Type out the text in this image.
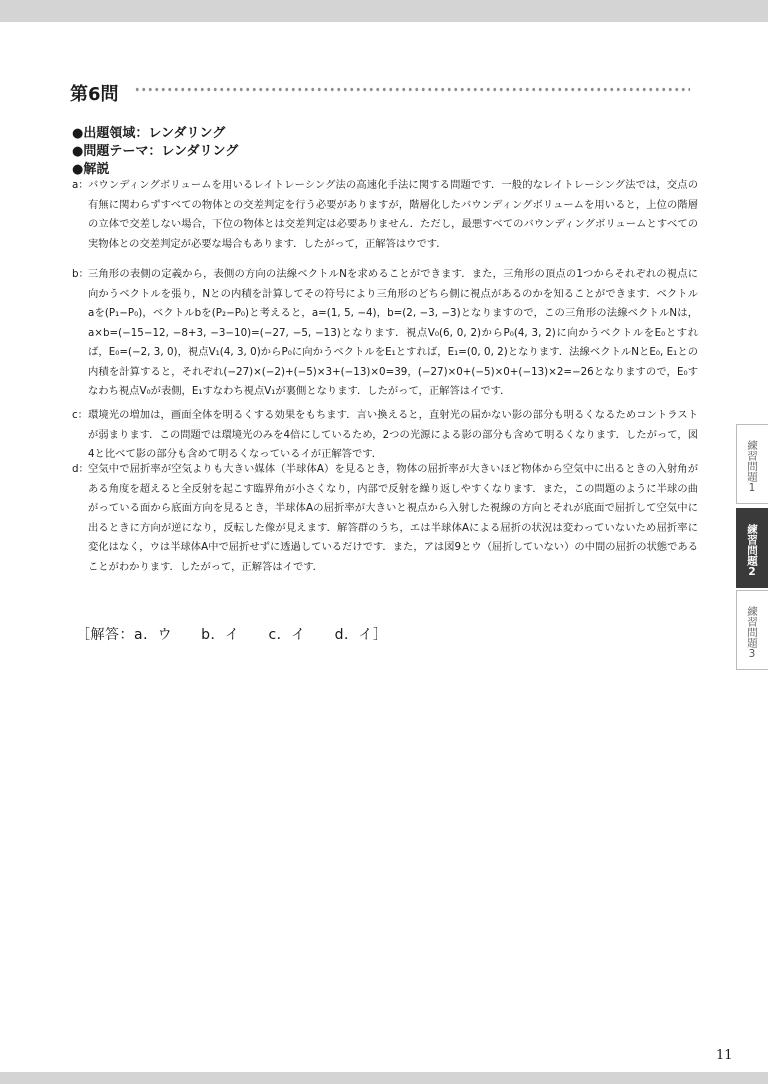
第6問
●出題領域：レンダリング
●問題テーマ：レンダリング
●解説
a： バウンディングボリュームを用いるレイトレーシング法の高速化手法に関する問題です．一般的なレイトレーシング法では，交点の有無に関わらずすべての物体との交差判定を行う必要がありますが，階層化したバウンディングボリュームを用いると，上位の階層の立体で交差しない場合，下位の物体とは交差判定は必要ありません．ただし，最悪すべてのバウンディングボリュームとすべての実物体との交差判定が必要な場合もあります．したがって，正解答はウです．
b： 三角形の表側の定義から，表側の方向の法線ベクトルNを求めることができます．また，三角形の頂点の1つからそれぞれの視点に向かうベクトルを張り，Nとの内積を計算してその符号により三角形のどちら側に視点があるのかを知ることができます．ベクトルaを(P₁−P₀)，ベクトルbを(P₂−P₀)と考えると，a=(1, 5, −4)，b=(2, −3, −3)となりますので，この三角形の法線ベクトルNは，a×b=(−15−12, −8+3, −3−10)=(−27, −5, −13)となります．視点V₀(6, 0, 2)からP₀(4, 3, 2)に向かうベクトルをE₀とすれば，E₀=(−2, 3, 0)，視点V₁(4, 3, 0)からP₀に向かうベクトルをE₁とすれば，E₁=(0, 0, 2)となります．法線ベクトルNとE₀, E₁との内積を計算すると，それぞれ(−27)×(−2)+(−5)×3+(−13)×0=39，(−27)×0+(−5)×0+(−13)×2=−26となりますので，E₀すなわち視点V₀が表側，E₁すなわち視点V₁が裏側となります．したがって，正解答はイです．
c： 環境光の増加は，画面全体を明るくする効果をもちます．言い換えると，直射光の届かない影の部分も明るくなるためコントラストが弱まります．この問題では環境光のみを4倍にしているため，2つの光源による影の部分も含めて明るくなります．したがって，図4と比べて影の部分も含めて明るくなっているイが正解答です．
d： 空気中で屈折率が空気よりも大きい媒体（半球体A）を見るとき，物体の屈折率が大きいほど物体から空気中に出るときの入射角がある角度を超えると全反射を起こす臨界角が小さくなり，内部で反射を繰り返しやすくなります．また，この問題のように半球の曲がっている面から底面方向を見るとき，半球体Aの屈折率が大きいと視点から入射した視線の方向とそれが底面で屈折して空気中に出るときに方向が逆になり，反転した像が見えます．解答群のうち，エは半球体Aによる屈折の状況は変わっていないため屈折率に変化はなく，ウは半球体A中で屈折せずに透過しているだけです．また，アは図9とウ（屈折していない）の中間の屈折の状態であることがわかります．したがって，正解答はイです．
［解答：a．ウ　　b．イ　　c．イ　　d．イ］
練習問題1
練習問題2
練習問題3
11
